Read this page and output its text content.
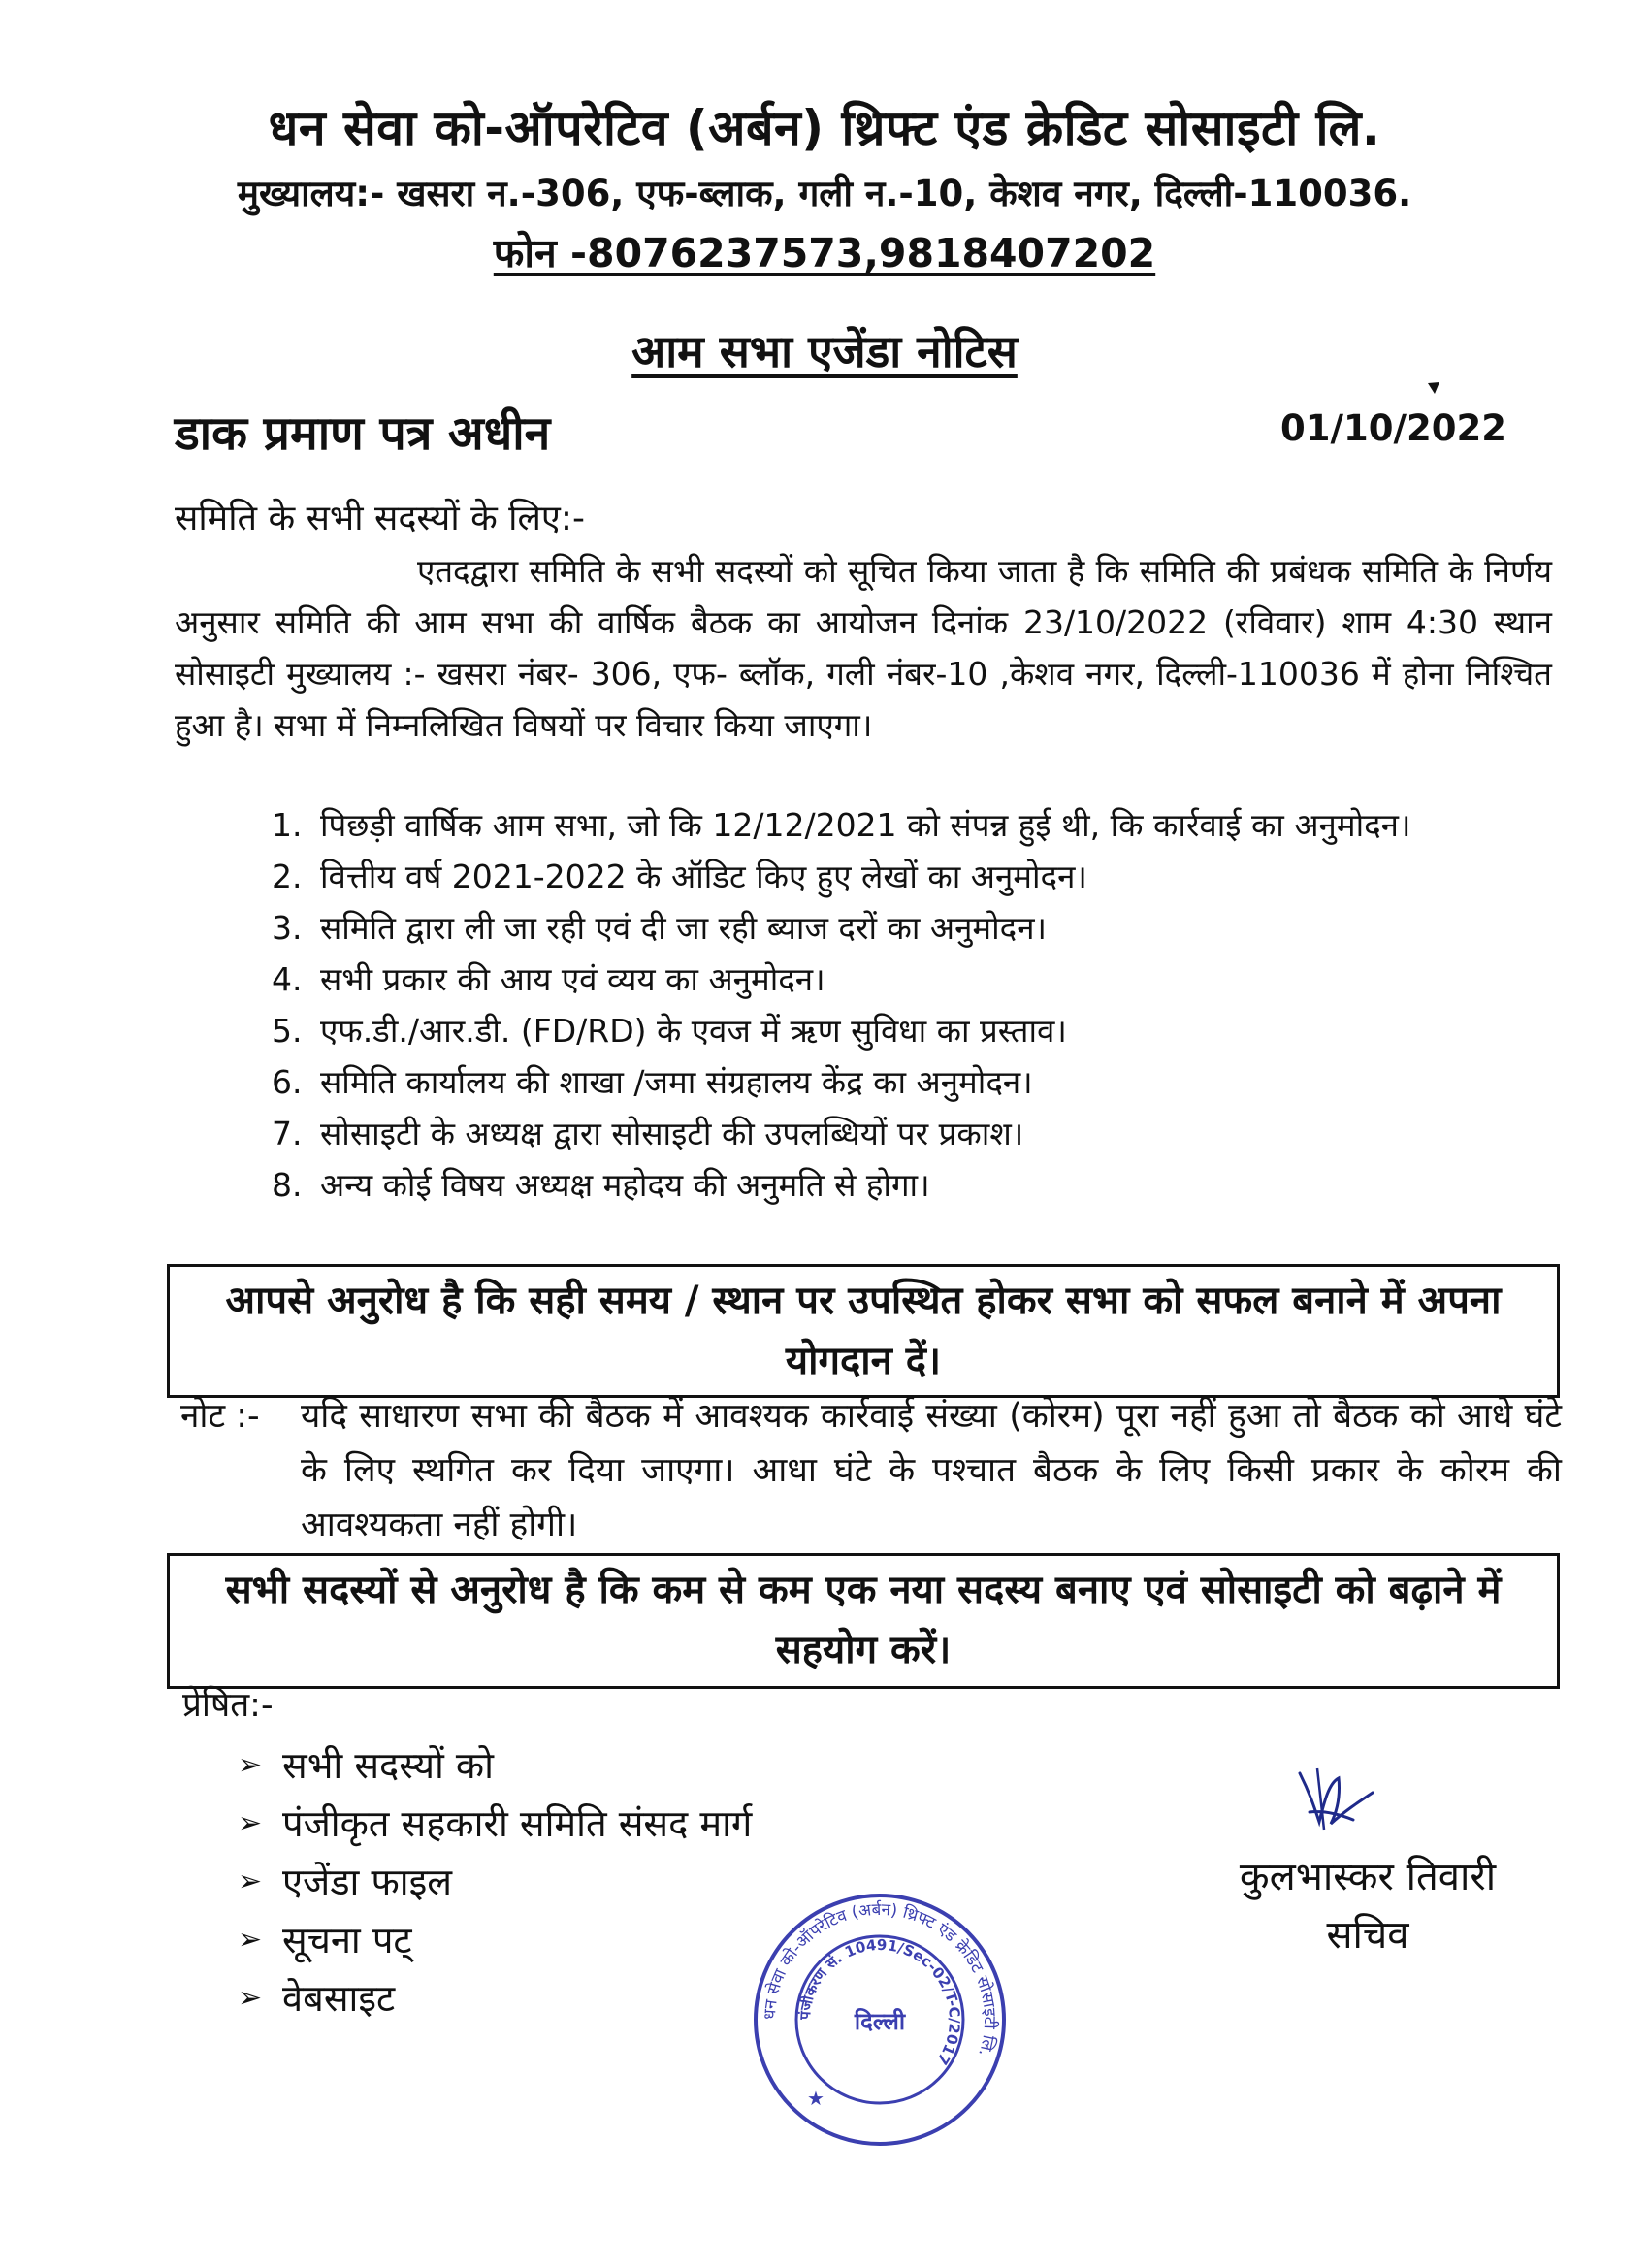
धन सेवा को-ऑपरेटिव (अर्बन) थ्रिफ्ट एंड क्रेडिट सोसाइटी लि.
मुख्यालय:- खसरा न.-306, एफ-ब्लाक, गली न.-10, केशव नगर, दिल्ली-110036.
फोन -8076237573,9818407202
आम सभा एजेंडा नोटिस
डाक प्रमाण पत्र अधीन	01/10/2022
समिति के सभी सदस्यों के लिए:-
एतदद्वारा समिति के सभी सदस्यों को सूचित किया जाता है कि समिति की प्रबंधक समिति के निर्णय अनुसार समिति की आम सभा की वार्षिक बैठक का आयोजन दिनांक 23/10/2022 (रविवार) शाम 4:30 स्थान सोसाइटी मुख्यालय :- खसरा नंबर- 306, एफ- ब्लॉक, गली नंबर-10 ,केशव नगर, दिल्ली-110036 में होना निश्चित हुआ है। सभा में निम्नलिखित विषयों पर विचार किया जाएगा।
1. पिछड़ी वार्षिक आम सभा, जो कि 12/12/2021 को संपन्न हुई थी, कि कार्रवाई का अनुमोदन।
2. वित्तीय वर्ष 2021-2022 के ऑडिट किए हुए लेखों का अनुमोदन।
3. समिति द्वारा ली जा रही एवं दी जा रही ब्याज दरों का अनुमोदन।
4. सभी प्रकार की आय एवं व्यय का अनुमोदन।
5. एफ.डी./आर.डी. (FD/RD) के एवज में ऋण सुविधा का प्रस्ताव।
6. समिति कार्यालय की शाखा /जमा संग्रहालय केंद्र का अनुमोदन।
7. सोसाइटी के अध्यक्ष द्वारा सोसाइटी की उपलब्धियों पर प्रकाश।
8. अन्य कोई विषय अध्यक्ष महोदय की अनुमति से होगा।
आपसे अनुरोध है कि सही समय / स्थान पर उपस्थित होकर सभा को सफल बनाने में अपना योगदान दें।
नोट :- यदि साधारण सभा की बैठक में आवश्यक कार्रवाई संख्या (कोरम) पूरा नहीं हुआ तो बैठक को आधे घंटे के लिए स्थगित कर दिया जाएगा। आधा घंटे के पश्चात बैठक के लिए किसी प्रकार के कोरम की आवश्यकता नहीं होगी।
सभी सदस्यों से अनुरोध है कि कम से कम एक नया सदस्य बनाए एवं सोसाइटी को बढ़ाने में सहयोग करें।
प्रेषित:-
➢ सभी सदस्यों को
➢ पंजीकृत सहकारी समिति संसद मार्ग
➢ एजेंडा फाइल
➢ सूचना पट्
➢ वेबसाइट
कुलभास्कर तिवारी
सचिव
धन सेवा को-ऑपरेटिव (अर्बन) थ्रिफ्ट एंड क्रेडिट सोसाइटी लि.
पंजीकरण सं. 10491/Sec-02/T-C/2017
दिल्ली
★
